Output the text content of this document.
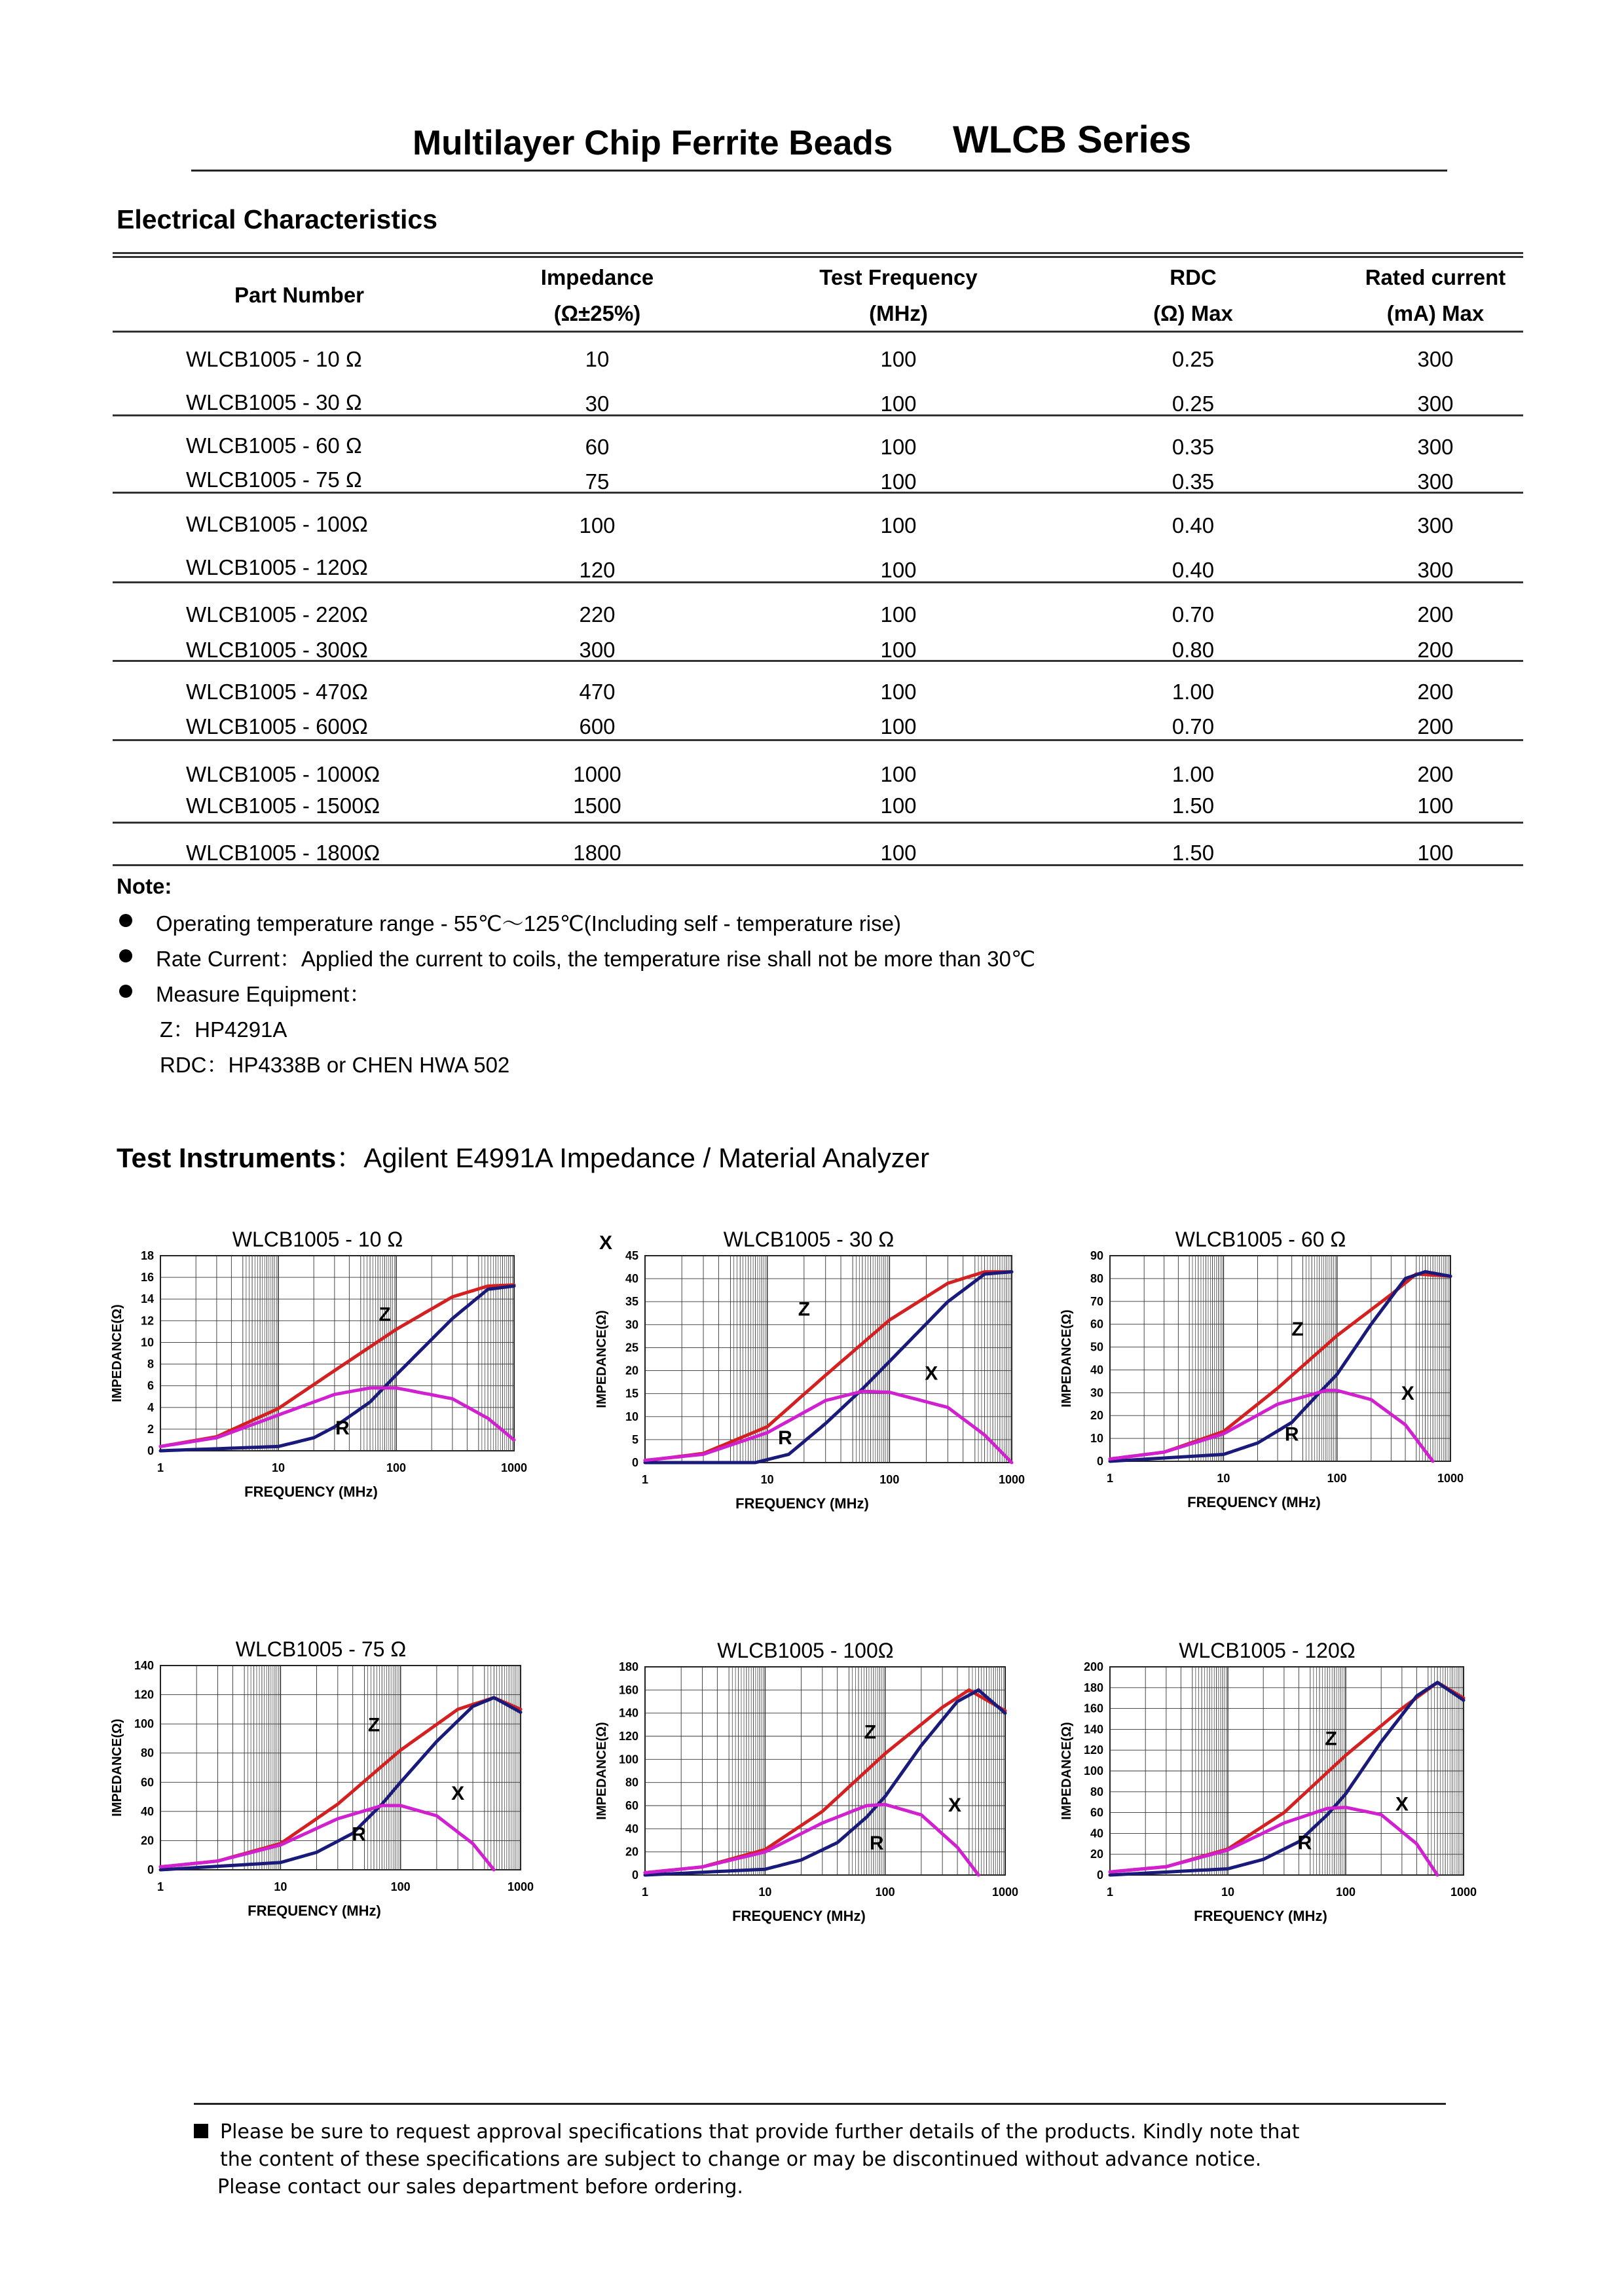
Multilayer Chip Ferrite Beads WLCB Series
Electrical Characteristics
Part Number
Impedance
(Ω±25%)
Test Frequency
(MHz)
RDC
(Ω) Max
Rated current
(mA) Max
WLCB1005 - 10 Ω	10	100	0.25	300
WLCB1005 - 30 Ω	30	100	0.25	300
WLCB1005 - 60 Ω	60	100	0.35	300
WLCB1005 - 75 Ω	75	100	0.35	300
WLCB1005 - 100Ω	100	100	0.40	300
WLCB1005 - 120Ω	120	100	0.40	300
WLCB1005 - 220Ω	220	100	0.70	200
WLCB1005 - 300Ω	300	100	0.80	200
WLCB1005 - 470Ω	470	100	1.00	200
WLCB1005 - 600Ω	600	100	0.70	200
WLCB1005 - 1000Ω	1000	100	1.00	200
WLCB1005 - 1500Ω	1500	100	1.50	100
WLCB1005 - 1800Ω	1800	100	1.50	100
Note:
Operating temperature range - 55℃～125℃(Including self - temperature rise)
Rate Current：Applied the current to coils, the temperature rise shall not be more than 30℃
Measure Equipment：
Z：HP4291A
RDC：HP4338B or CHEN HWA 502
Test Instruments：Agilent E4991A Impedance / Material Analyzer
0
2
4
6
8
10
12
14
16
18
1	10	100	1000
Z
R
WLCB1005 - 10 Ω
FREQUENCY (MHz)
IMPEDANCE(Ω)
0
5
10
15
20
25
30
35
40
45
1	10	100	1000
Z
X
R
X	WLCB1005 - 30 Ω
FREQUENCY (MHz)
IMPEDANCE(Ω)
0
10
20
30
40
50
60
70
80
90
1	10	100	1000
Z
X
R
WLCB1005 - 60 Ω
FREQUENCY (MHz)
IMPEDANCE(Ω)
0
20
40
60
80
100
120
140
1	10	100	1000
Z
X
R
WLCB1005 - 75 Ω
FREQUENCY (MHz)
IMPEDANCE(Ω)
0
20
40
60
80
100
120
140
160
180
1	10	100	1000
Z
X
R
WLCB1005 - 100Ω
FREQUENCY (MHz)
IMPEDANCE(Ω)
0
20
40
60
80
100
120
140
160
180
200
1	10	100	1000
Z
X
R
WLCB1005 - 120Ω
FREQUENCY (MHz)
IMPEDANCE(Ω)
Please be sure to request approval specifications that provide further details of the products. Kindly note that
the content of these specifications are subject to change or may be discontinued without advance notice.
Please contact our sales department before ordering.
